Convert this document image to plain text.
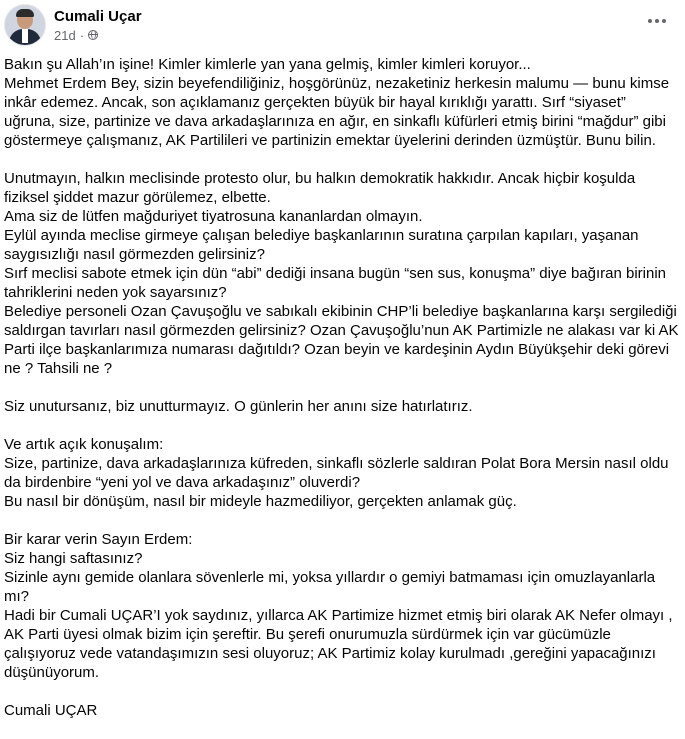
Cumali Uçar
21d ·

Bakın şu Allah’ın işine! Kimler kimlerle yan yana gelmiş, kimler kimleri koruyor...
Mehmet Erdem Bey, sizin beyefendiliğiniz, hoşgörünüz, nezaketiniz herkesin malumu — bunu kimse inkâr edemez. Ancak, son açıklamanız gerçekten büyük bir hayal kırıklığı yarattı. Sırf “siyaset” uğruna, size, partinize ve dava arkadaşlarınıza en ağır, en sinkaflı küfürleri etmiş birini “mağdur” gibi göstermeye çalışmanız, AK Partilileri ve partinizin emektar üyelerini derinden üzmüştür. Bunu bilin.

Unutmayın, halkın meclisinde protesto olur, bu halkın demokratik hakkıdır. Ancak hiçbir koşulda fiziksel şiddet mazur görülemez, elbette.
Ama siz de lütfen mağduriyet tiyatrosuna kananlardan olmayın.
Eylül ayında meclise girmeye çalışan belediye başkanlarının suratına çarpılan kapıları, yaşanan saygısızlığı nasıl görmezden gelirsiniz?
Sırf meclisi sabote etmek için dün “abi” dediği insana bugün “sen sus, konuşma” diye bağıran birinin tahriklerini neden yok sayarsınız?
Belediye personeli Ozan Çavuşoğlu ve sabıkalı ekibinin CHP’li belediye başkanlarına karşı sergilediği saldırgan tavırları nasıl görmezden gelirsiniz? Ozan Çavuşoğlu’nun AK Partimizle ne alakası var ki AK Parti ilçe başkanlarımıza numarası dağıtıldı? Ozan beyin ve kardeşinin Aydın Büyükşehir deki görevi ne ? Tahsili ne ?

Siz unutursanız, biz unutturmayız. O günlerin her anını size hatırlatırız.

Ve artık açık konuşalım:
Size, partinize, dava arkadaşlarınıza küfreden, sinkaflı sözlerle saldıran Polat Bora Mersin nasıl oldu da birdenbire “yeni yol ve dava arkadaşınız” oluverdi?
Bu nasıl bir dönüşüm, nasıl bir mideyle hazmediliyor, gerçekten anlamak güç.

Bir karar verin Sayın Erdem:
Siz hangi saftasınız?
Sizinle aynı gemide olanlara sövenlerle mi, yoksa yıllardır o gemiyi batmaması için omuzlayanlarla mı?
Hadi bir Cumali UÇAR’I yok saydınız, yıllarca AK Partimize hizmet etmiş biri olarak AK Nefer olmayı , AK Parti üyesi olmak bizim için şereftir. Bu şerefi onurumuzla sürdürmek için var gücümüzle çalışıyoruz vede vatandaşımızın sesi oluyoruz; AK Partimiz kolay kurulmadı ,gereğini yapacağınızı düşünüyorum.

Cumali UÇAR
